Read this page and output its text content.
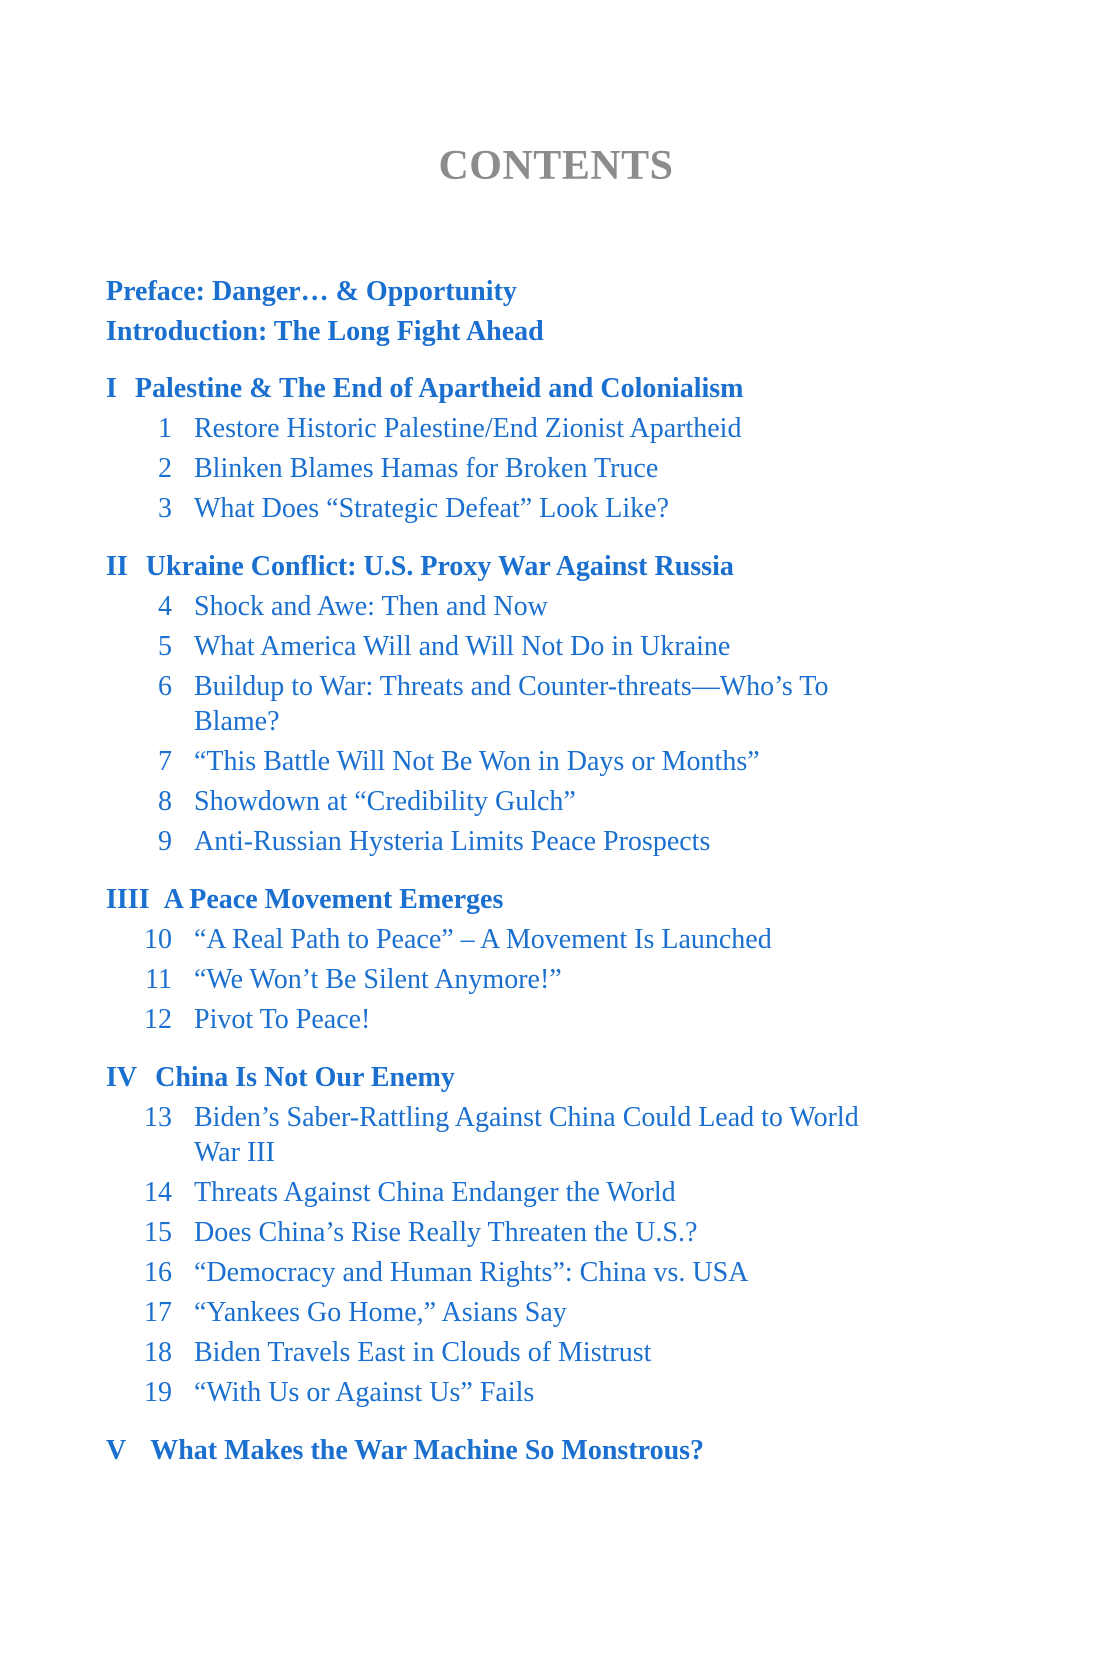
CONTENTS
Preface: Danger… & Opportunity
Introduction: The Long Fight Ahead
I Palestine & The End of Apartheid and Colonialism
1 Restore Historic Palestine/End Zionist Apartheid
2 Blinken Blames Hamas for Broken Truce
3 What Does “Strategic Defeat” Look Like?
II Ukraine Conflict: U.S. Proxy War Against Russia
4 Shock and Awe: Then and Now
5 What America Will and Will Not Do in Ukraine
6 Buildup to War: Threats and Counter-threats—Who’s To
Blame?
7 “This Battle Will Not Be Won in Days or Months”
8 Showdown at “Credibility Gulch”
9 Anti-Russian Hysteria Limits Peace Prospects
IIII A Peace Movement Emerges
10 “A Real Path to Peace” – A Movement Is Launched
11 “We Won’t Be Silent Anymore!”
12 Pivot To Peace!
IV China Is Not Our Enemy
13 Biden’s Saber-Rattling Against China Could Lead to World
War III
14 Threats Against China Endanger the World
15 Does China’s Rise Really Threaten the U.S.?
16 “Democracy and Human Rights”: China vs. USA
17 “Yankees Go Home,” Asians Say
18 Biden Travels East in Clouds of Mistrust
19 “With Us or Against Us” Fails
V What Makes the War Machine So Monstrous?
